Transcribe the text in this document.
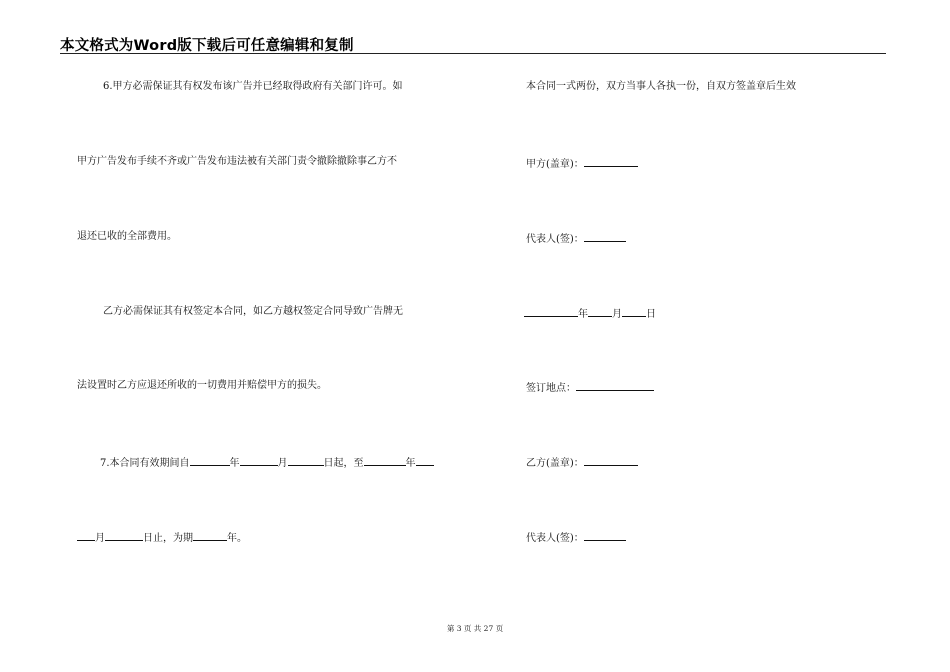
本文格式为Word版下载后可任意编辑和复制
6.甲方必需保证其有权发布该广告并已经取得政府有关部门许可。如
甲方广告发布手续不齐或广告发布违法被有关部门责令撤除撤除事乙方不
退还已收的全部费用。
乙方必需保证其有权签定本合同，如乙方越权签定合同导致广告牌无
法设置时乙方应退还所收的一切费用并赔偿甲方的损失。
7.本合同有效期间自	年	月	日起，至	年
月	日止，为期	年。
本合同一式两份，双方当事人各执一份，自双方签盖章后生效
甲方(盖章)：
代表人(签)：
年 月 日
签订地点：
乙方(盖章)：
代表人(签)：
第 3 页 共 27 页
